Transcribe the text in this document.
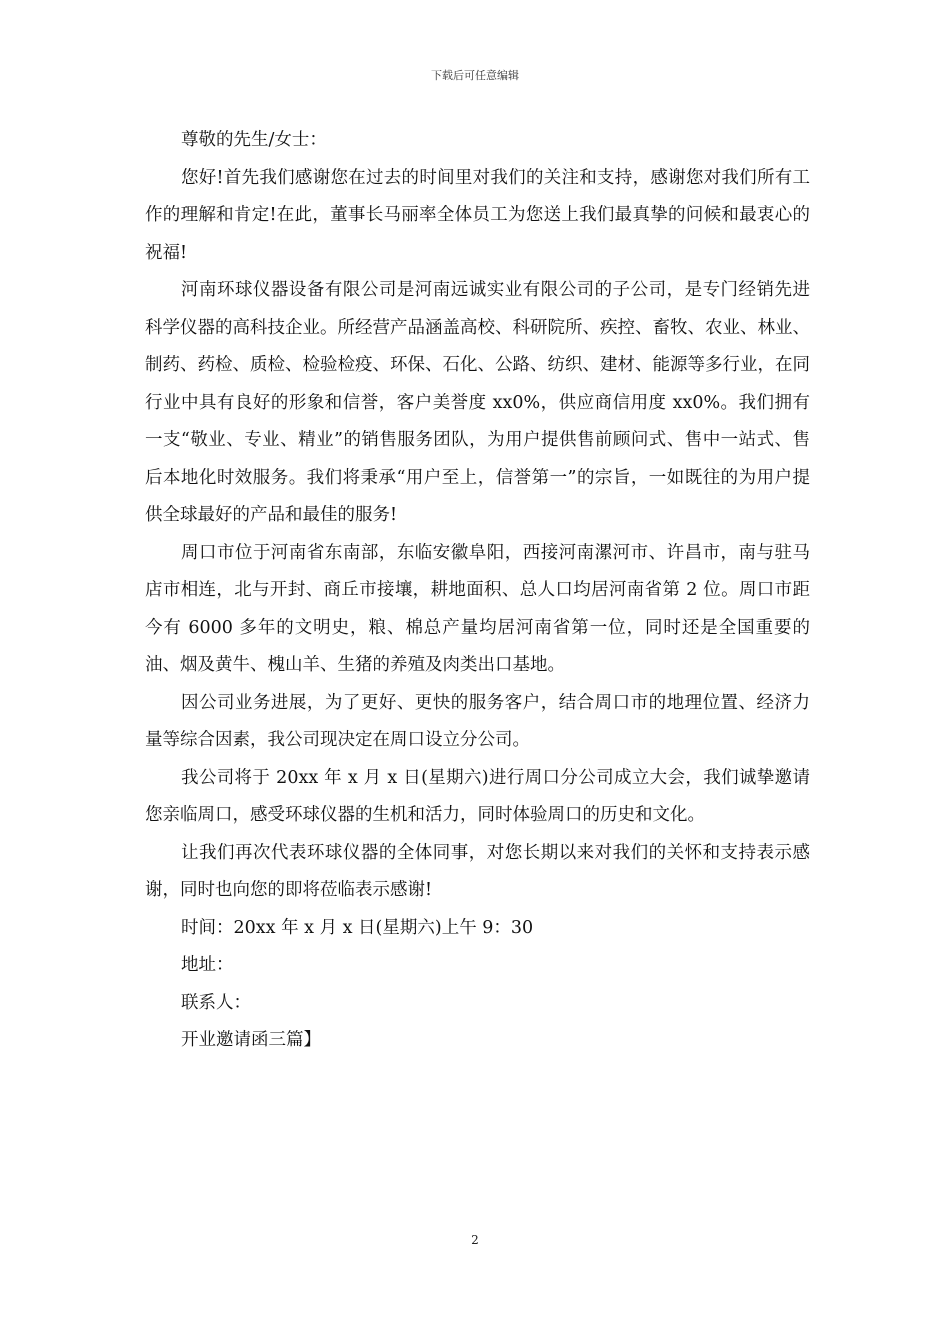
下载后可任意编辑

尊敬的先生/女士：

您好!首先我们感谢您在过去的时间里对我们的关注和支持，感谢您对我们所有工作的理解和肯定!在此，董事长马丽率全体员工为您送上我们最真挚的问候和最衷心的祝福!

河南环球仪器设备有限公司是河南远诚实业有限公司的子公司，是专门经销先进科学仪器的高科技企业。所经营产品涵盖高校、科研院所、疾控、畜牧、农业、林业、制药、药检、质检、检验检疫、环保、石化、公路、纺织、建材、能源等多行业，在同行业中具有良好的形象和信誉，客户美誉度 xx0%，供应商信用度 xx0%。我们拥有一支“敬业、专业、精业”的销售服务团队，为用户提供售前顾问式、售中一站式、售后本地化时效服务。我们将秉承“用户至上，信誉第一”的宗旨，一如既往的为用户提供全球最好的产品和最佳的服务!

周口市位于河南省东南部，东临安徽阜阳，西接河南漯河市、许昌市，南与驻马店市相连，北与开封、商丘市接壤，耕地面积、总人口均居河南省第 2 位。周口市距今有 6000 多年的文明史，粮、棉总产量均居河南省第一位，同时还是全国重要的油、烟及黄牛、槐山羊、生猪的养殖及肉类出口基地。

因公司业务进展，为了更好、更快的服务客户，结合周口市的地理位置、经济力量等综合因素，我公司现决定在周口设立分公司。

我公司将于 20xx 年 x 月 x 日(星期六)进行周口分公司成立大会，我们诚挚邀请您亲临周口，感受环球仪器的生机和活力，同时体验周口的历史和文化。

让我们再次代表环球仪器的全体同事，对您长期以来对我们的关怀和支持表示感谢，同时也向您的即将莅临表示感谢!

时间：20xx 年 x 月 x 日(星期六)上午 9：30

地址：

联系人：

开业邀请函三篇】

2
